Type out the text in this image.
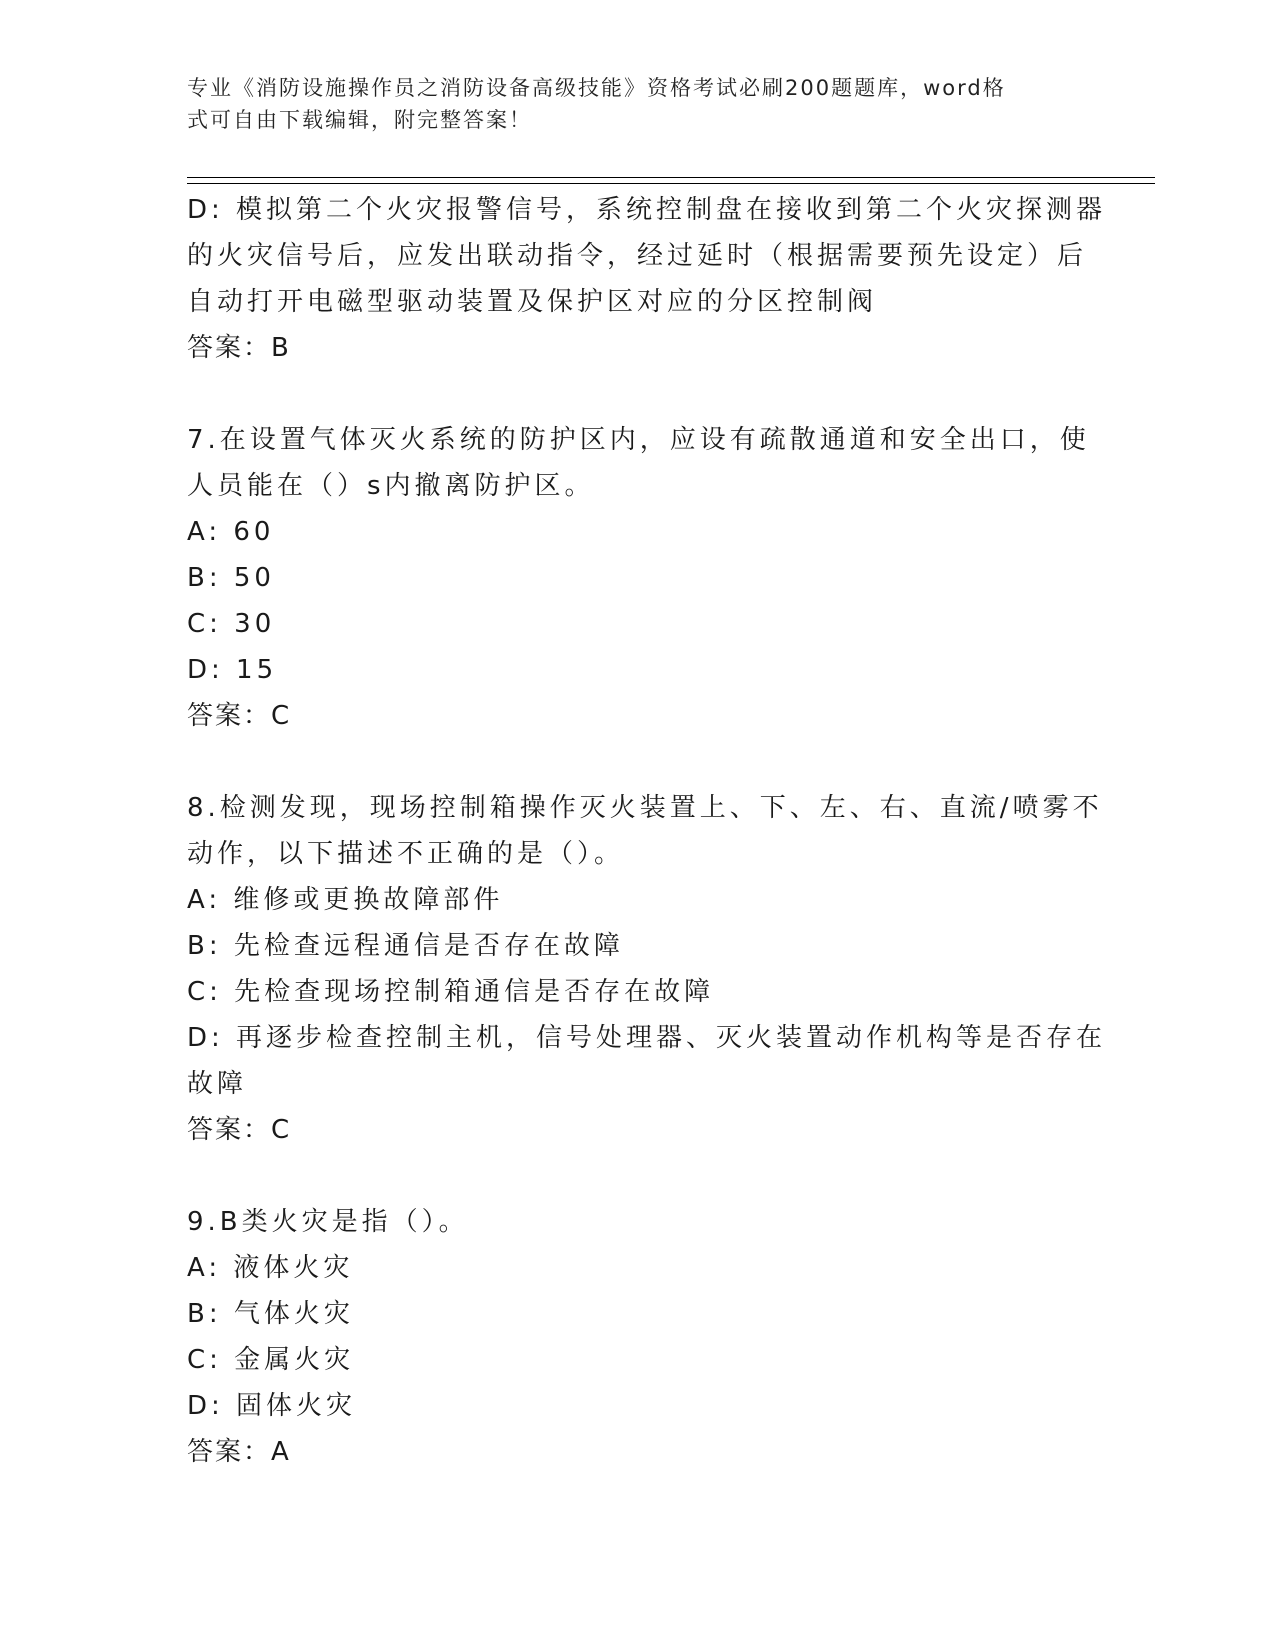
专业《消防设施操作员之消防设备高级技能》资格考试必刷200题题库，word格
式可自由下载编辑，附完整答案！
D: 模拟第二个火灾报警信号，系统控制盘在接收到第二个火灾探测器
的火灾信号后，应发出联动指令，经过延时（根据需要预先设定）后
自动打开电磁型驱动装置及保护区对应的分区控制阀
答案：B
7.在设置气体灭火系统的防护区内，应设有疏散通道和安全出口，使
人员能在（）s内撤离防护区。
A: 60
B: 50
C: 30
D: 15
答案：C
8.检测发现，现场控制箱操作灭火装置上、下、左、右、直流/喷雾不
动作，以下描述不正确的是（）。
A: 维修或更换故障部件
B: 先检查远程通信是否存在故障
C: 先检查现场控制箱通信是否存在故障
D: 再逐步检查控制主机，信号处理器、灭火装置动作机构等是否存在
故障
答案：C
9.B类火灾是指（）。
A: 液体火灾
B: 气体火灾
C: 金属火灾
D: 固体火灾
答案：A
